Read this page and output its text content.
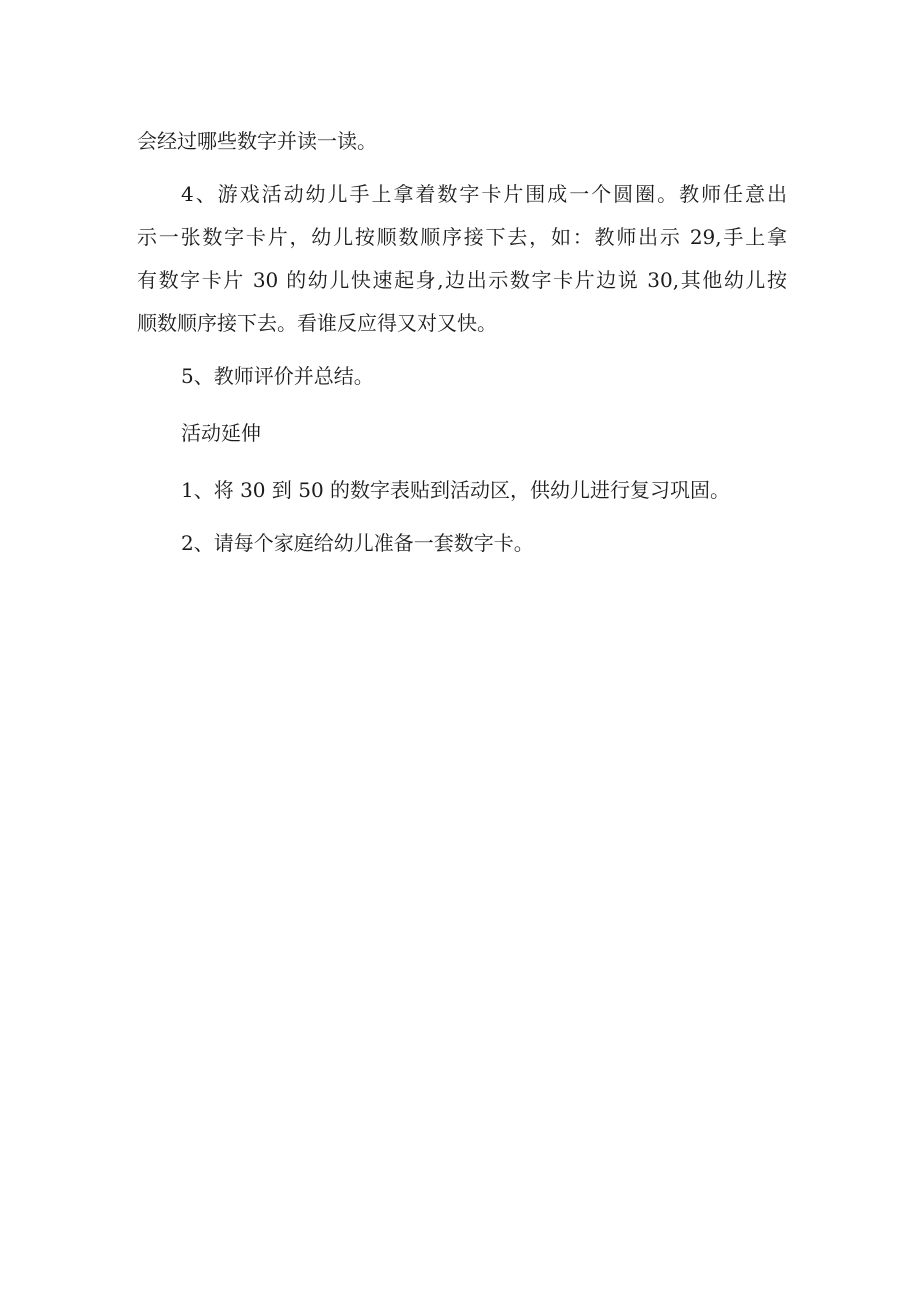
会经过哪些数字并读一读。
4、游戏活动幼儿手上拿着数字卡片围成一个圆圈。教师任意出
示一张数字卡片，幼儿按顺数顺序接下去，如：教师出示 29,手上拿
有数字卡片 30 的幼儿快速起身,边出示数字卡片边说 30,其他幼儿按
顺数顺序接下去。看谁反应得又对又快。
5、教师评价并总结。
活动延伸
1、将 30 到 50 的数字表贴到活动区，供幼儿进行复习巩固。
2、请每个家庭给幼儿准备一套数字卡。
